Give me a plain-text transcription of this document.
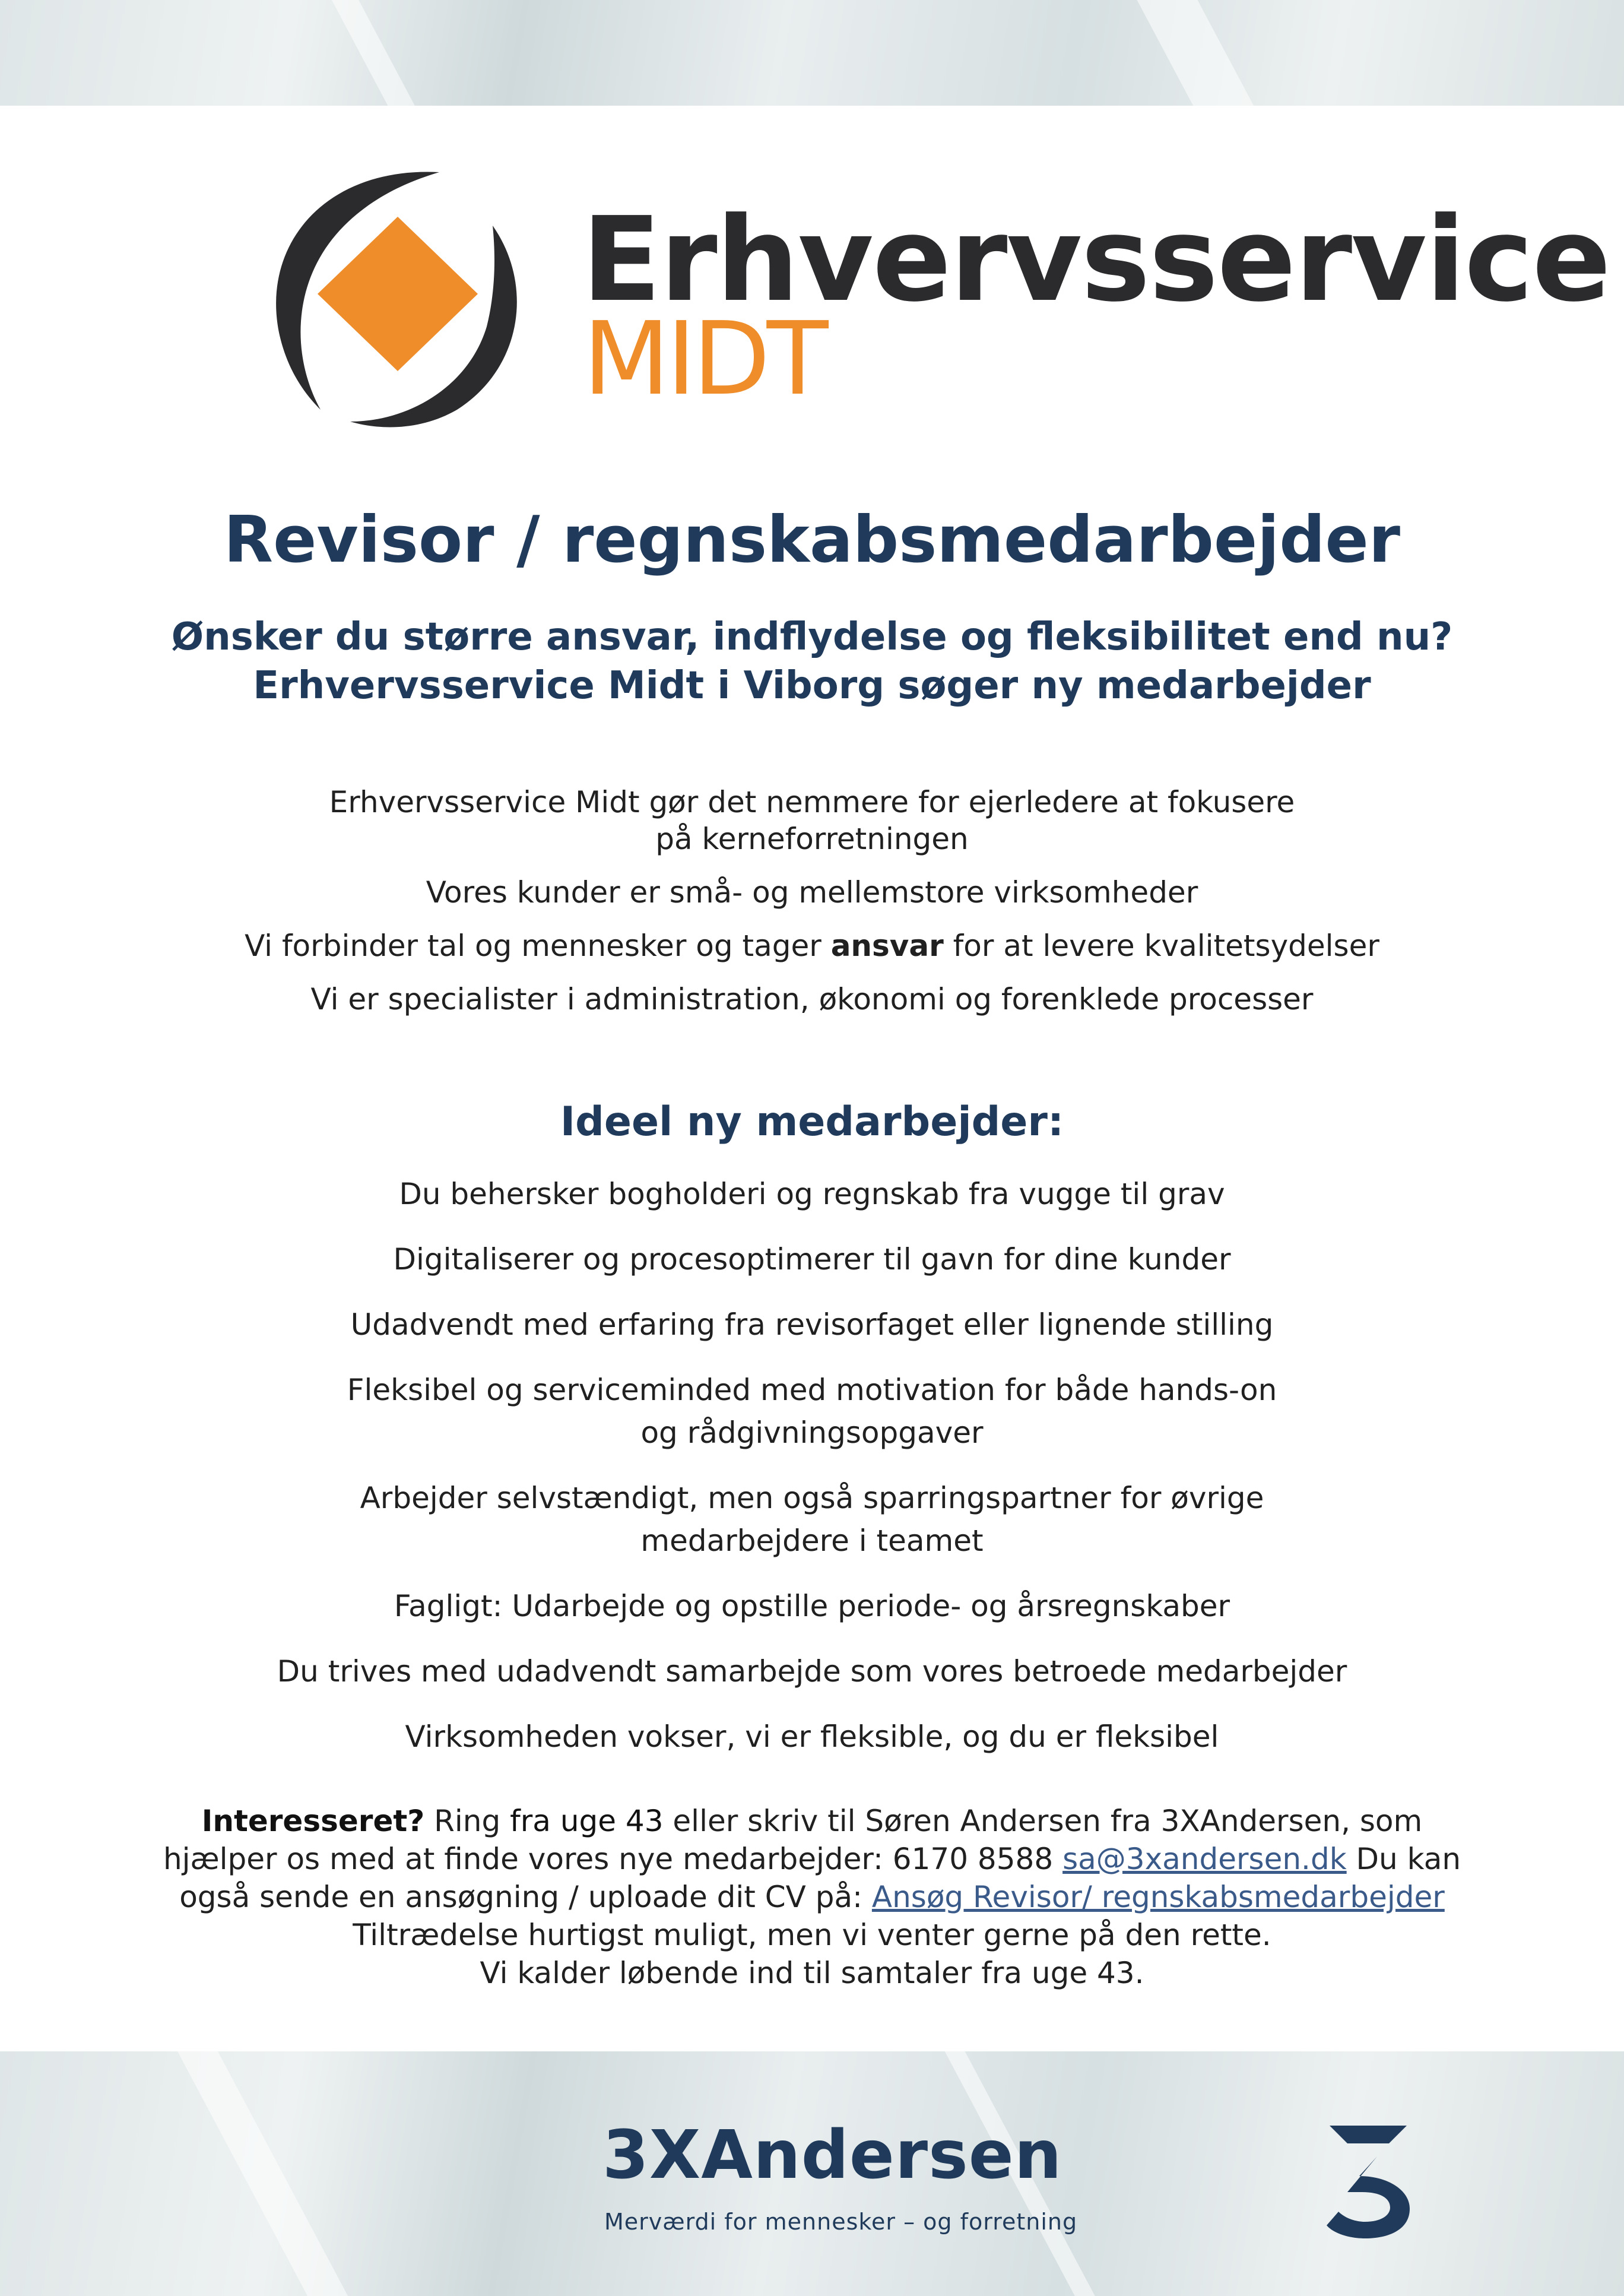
Erhvervsservice
MIDT
Revisor / regnskabsmedarbejder
Ønsker du større ansvar, indflydelse og fleksibilitet end nu?
Erhvervsservice Midt i Viborg søger ny medarbejder

Erhvervsservice Midt gør det nemmere for ejerledere at fokusere
på kerneforretningen

Vores kunder er små- og mellemstore virksomheder

Vi forbinder tal og mennesker og tager ansvar for at levere kvalitetsydelser

Vi er specialister i administration, økonomi og forenklede processer

Ideel ny medarbejder:

Du behersker bogholderi og regnskab fra vugge til grav

Digitaliserer og procesoptimerer til gavn for dine kunder

Udadvendt med erfaring fra revisorfaget eller lignende stilling

Fleksibel og serviceminded med motivation for både hands-on
og rådgivningsopgaver

Arbejder selvstændigt, men også sparringspartner for øvrige
medarbejdere i teamet

Fagligt: Udarbejde og opstille periode- og årsregnskaber

Du trives med udadvendt samarbejde som vores betroede medarbejder

Virksomheden vokser, vi er fleksible, og du er fleksibel

Interesseret? Ring fra uge 43 eller skriv til Søren Andersen fra 3XAndersen, som
hjælper os med at finde vores nye medarbejder: 6170 8588 sa@3xandersen.dk Du kan
også sende en ansøgning / uploade dit CV på: Ansøg Revisor/ regnskabsmedarbejder
Tiltrædelse hurtigst muligt, men vi venter gerne på den rette.
Vi kalder løbende ind til samtaler fra uge 43.
3XAndersen
Merværdi for mennesker – og forretning
